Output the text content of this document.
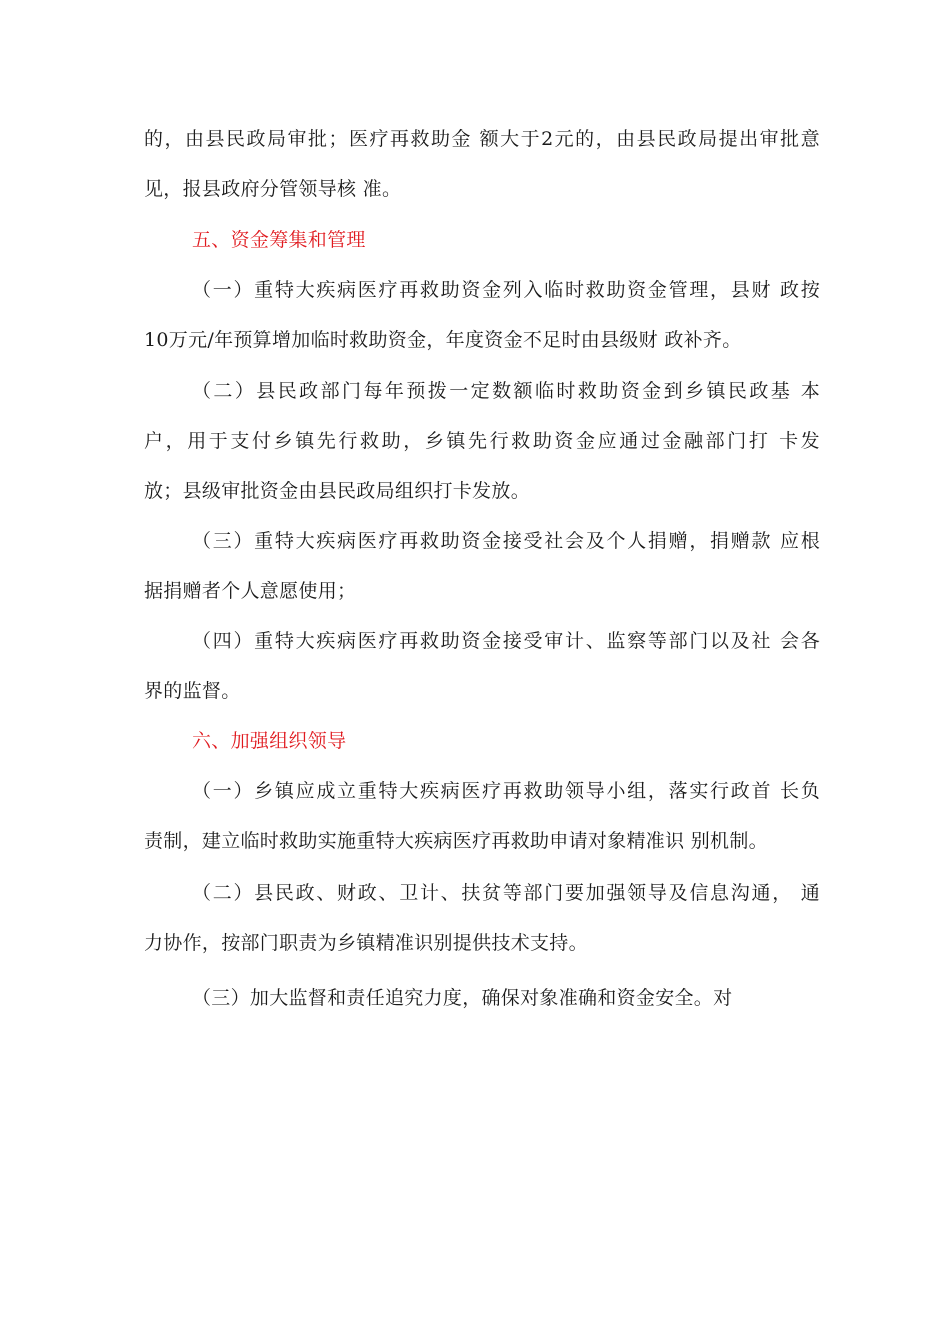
的，由县民政局审批；医疗再救助金 额大于2元的，由县民政局提出审批意
见，报县政府分管领导核 准。
五、资金筹集和管理
（一）重特大疾病医疗再救助资金列入临时救助资金管理，县财 政按
10万元/年预算增加临时救助资金，年度资金不足时由县级财 政补齐。
（二）县民政部门每年预拨一定数额临时救助资金到乡镇民政基 本
户，用于支付乡镇先行救助，乡镇先行救助资金应通过金融部门打 卡发
放；县级审批资金由县民政局组织打卡发放。
（三）重特大疾病医疗再救助资金接受社会及个人捐赠，捐赠款 应根
据捐赠者个人意愿使用；
（四）重特大疾病医疗再救助资金接受审计、监察等部门以及社 会各
界的监督。
六、加强组织领导
（一）乡镇应成立重特大疾病医疗再救助领导小组，落实行政首 长负
责制，建立临时救助实施重特大疾病医疗再救助申请对象精准识 别机制。
（二）县民政、财政、卫计、扶贫等部门要加强领导及信息沟通， 通
力协作，按部门职责为乡镇精准识别提供技术支持。
（三）加大监督和责任追究力度，确保对象准确和资金安全。对
